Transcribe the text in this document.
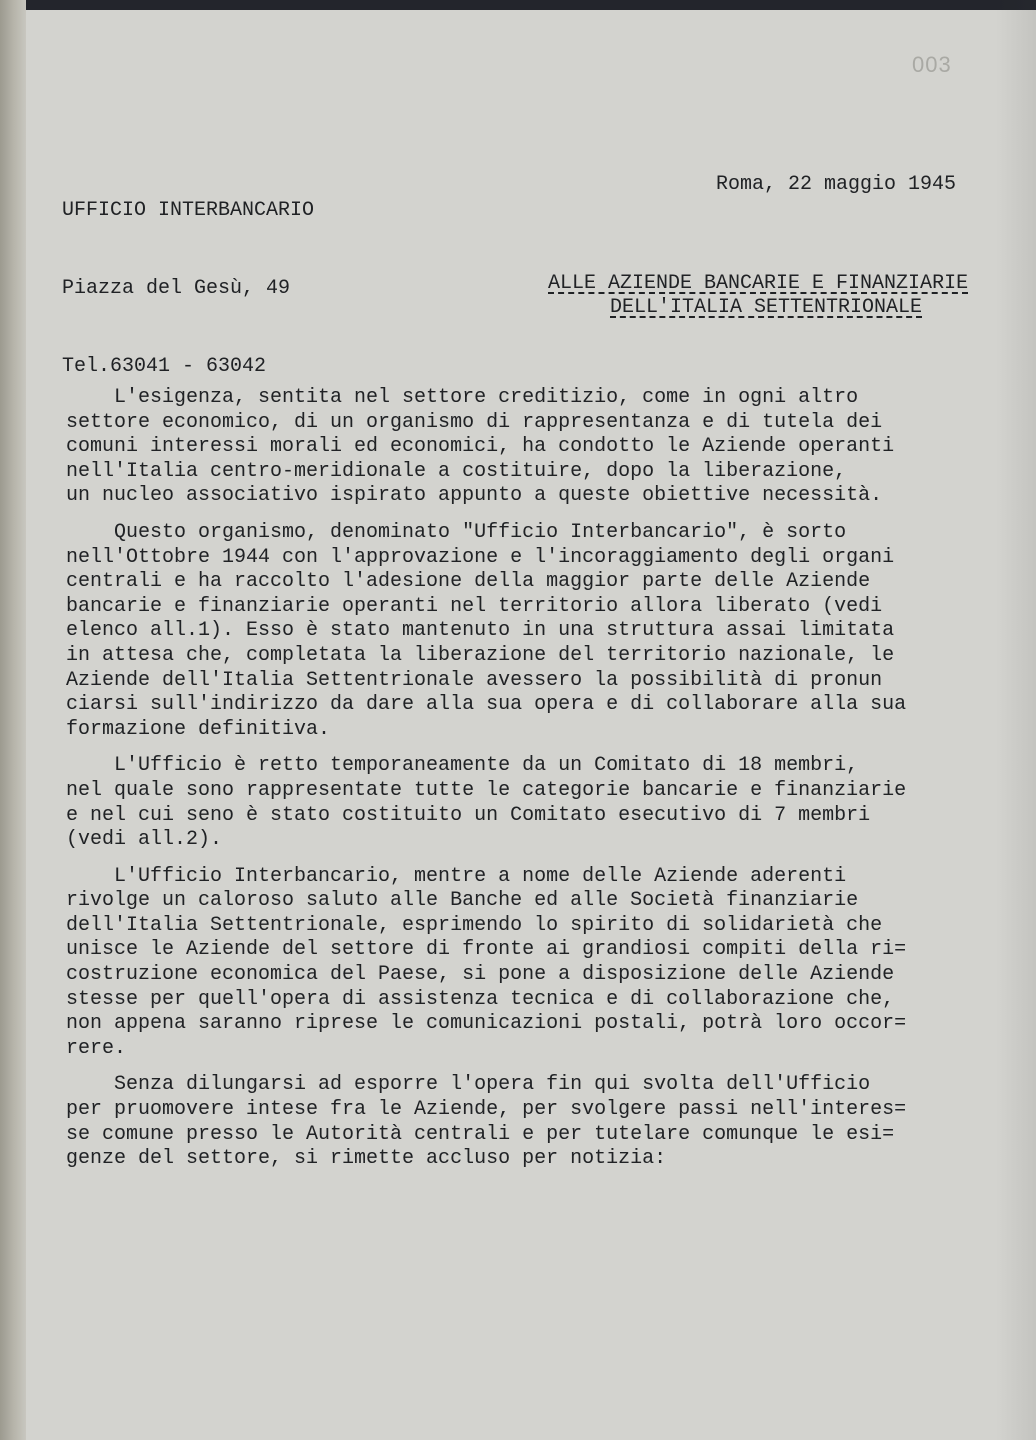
003

UFFICIO INTERBANCARIO

Piazza del Gesù, 49

Tel.63041 - 63042

Roma, 22 maggio 1945
ALLE AZIENDE BANCARIE E FINANZIARIE
DELL'ITALIA SETTENTRIONALE
L'esigenza, sentita nel settore creditizio, come in ogni altro
settore economico, di un organismo di rappresentanza e di tutela dei
comuni interessi morali ed economici, ha condotto le Aziende operanti
nell'Italia centro-meridionale a costituire, dopo la liberazione,
un nucleo associativo ispirato appunto a queste obiettive necessità.
Questo organismo, denominato "Ufficio Interbancario", è sorto
nell'Ottobre 1944 con l'approvazione e l'incoraggiamento degli organi
centrali e ha raccolto l'adesione della maggior parte delle Aziende
bancarie e finanziarie operanti nel territorio allora liberato (vedi
elenco all.1). Esso è stato mantenuto in una struttura assai limitata
in attesa che, completata la liberazione del territorio nazionale, le
Aziende dell'Italia Settentrionale avessero la possibilità di pronun
ciarsi sull'indirizzo da dare alla sua opera e di collaborare alla sua
formazione definitiva.
L'Ufficio è retto temporaneamente da un Comitato di 18 membri,
nel quale sono rappresentate tutte le categorie bancarie e finanziarie
e nel cui seno è stato costituito un Comitato esecutivo di 7 membri
(vedi all.2).
L'Ufficio Interbancario, mentre a nome delle Aziende aderenti
rivolge un caloroso saluto alle Banche ed alle Società finanziarie
dell'Italia Settentrionale, esprimendo lo spirito di solidarietà che
unisce le Aziende del settore di fronte ai grandiosi compiti della ri=
costruzione economica del Paese, si pone a disposizione delle Aziende
stesse per quell'opera di assistenza tecnica e di collaborazione che,
non appena saranno riprese le comunicazioni postali, potrà loro occor=
rere.
Senza dilungarsi ad esporre l'opera fin qui svolta dell'Ufficio
per pruomovere intese fra le Aziende, per svolgere passi nell'interes=
se comune presso le Autorità centrali e per tutelare comunque le esi=
genze del settore, si rimette accluso per notizia:
